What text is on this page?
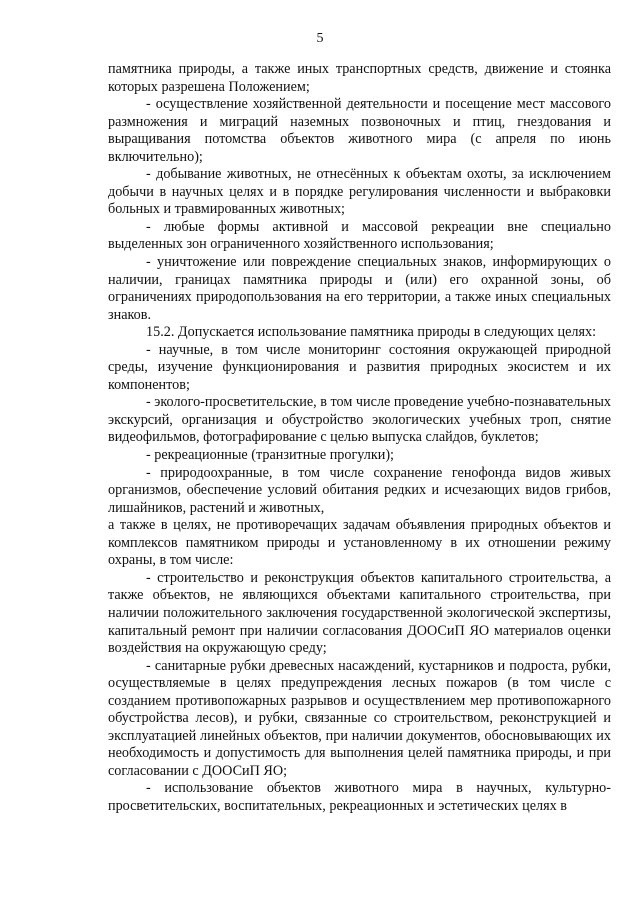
5

памятника природы, а также иных транспортных средств, движение и стоянка которых разрешена Положением;

- осуществление хозяйственной деятельности и посещение мест массового размножения и миграций наземных позвоночных и птиц, гнездования и выращивания потомства объектов животного мира (с апреля по июнь включительно);

- добывание животных, не отнесённых к объектам охоты, за исключением добычи в научных целях и в порядке регулирования численности и выбраковки больных и травмированных животных;

- любые формы активной и массовой рекреации вне специально выделенных зон ограниченного хозяйственного использования;

- уничтожение или повреждение специальных знаков, информирующих о наличии, границах памятника природы и (или) его охранной зоны, об ограничениях природопользования на его территории, а также иных специальных знаков.

15.2. Допускается использование памятника природы в следующих целях:

- научные, в том числе мониторинг состояния окружающей природной среды, изучение функционирования и развития природных экосистем и их компонентов;

- эколого-просветительские, в том числе проведение учебно-познавательных экскурсий, организация и обустройство экологических учебных троп, снятие видеофильмов, фотографирование с целью выпуска слайдов, буклетов;

- рекреационные (транзитные прогулки);

- природоохранные, в том числе сохранение генофонда видов живых организмов, обеспечение условий обитания редких и исчезающих видов грибов, лишайников, растений и животных,

а также в целях, не противоречащих задачам объявления природных объектов и комплексов памятником природы и установленному в их отношении режиму охраны, в том числе:

- строительство и реконструкция объектов капитального строительства, а также объектов, не являющихся объектами капитального строительства, при наличии положительного заключения государственной экологической экспертизы, капитальный ремонт при наличии согласования ДООСиП ЯО материалов оценки воздействия на окружающую среду;

- санитарные рубки древесных насаждений, кустарников и подроста, рубки, осуществляемые в целях предупреждения лесных пожаров (в том числе с созданием противопожарных разрывов и осуществлением мер противопожарного обустройства лесов), и рубки, связанные со строительством, реконструкцией и эксплуатацией линейных объектов, при наличии документов, обосновывающих их необходимость и допустимость для выполнения целей памятника природы, и при согласовании с ДООСиП ЯО;

- использование объектов животного мира в научных, культурно-просветительских, воспитательных, рекреационных и эстетических целях в
